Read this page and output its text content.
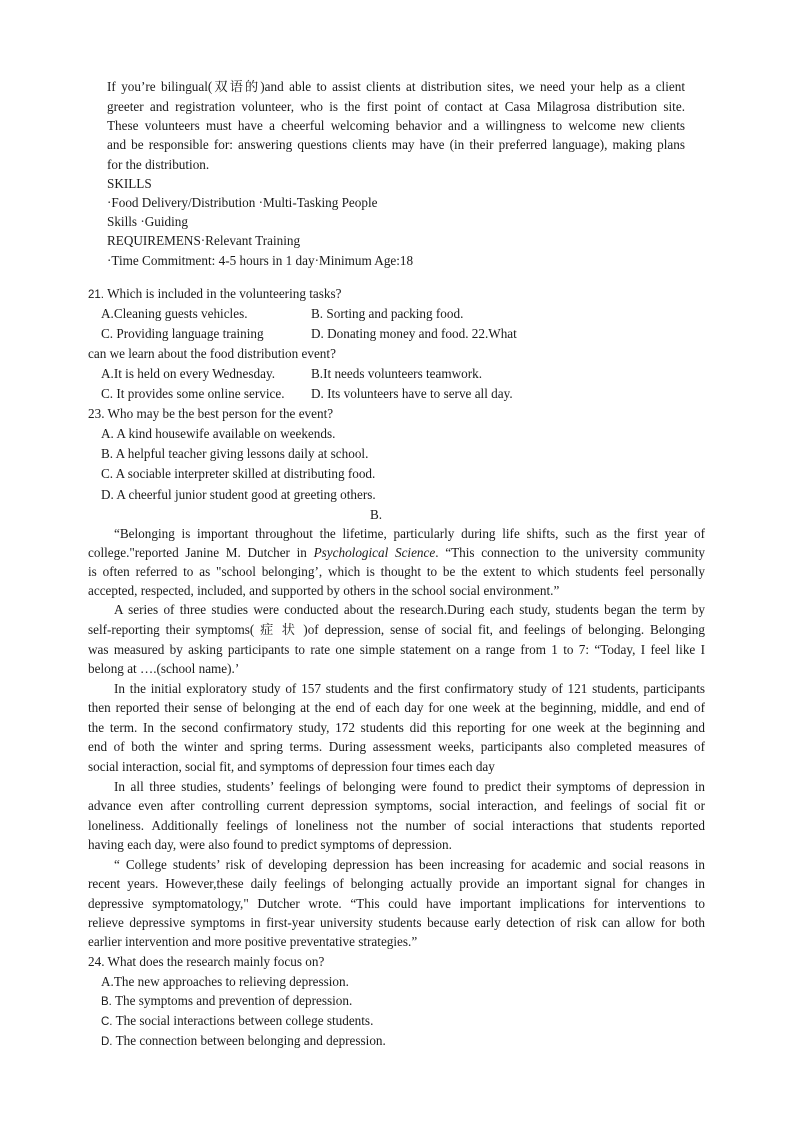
If you’re bilingual(双语的)and able to assist clients at distribution sites, we need your help as a client
greeter and registration volunteer, who is the first point of contact at Casa Milagrosa distribution site.
These volunteers must have a cheerful welcoming behavior and a willingness to welcome new clients
and be responsible for: answering questions clients may have (in their preferred language), making plans
for the distribution.
SKILLS
·Food Delivery/Distribution ·Multi-Tasking People
Skills ·Guiding
REQUIREMENS·Relevant Training
·Time Commitment: 4-5 hours in 1 day·Minimum Age:18
21. Which is included in the volunteering tasks?
A.Cleaning guests vehicles.	B. Sorting and packing food.
C. Providing language training	D. Donating money and food. 22.What
can we learn about the food distribution event?
A.It is held on every Wednesday.	B.It needs volunteers teamwork.
C. It provides some online service. D. Its volunteers have to serve all day.
23. Who may be the best person for the event?
A. A kind housewife available on weekends.
B. A helpful teacher giving lessons daily at school.
C. A sociable interpreter skilled at distributing food.
D. A cheerful junior student good at greeting others.
B.
“Belonging is important throughout the lifetime, particularly during life shifts, such as the first year of
college."reported Janine M. Dutcher in Psychological Science. “This connection to the university community
is often referred to as "school belonging’, which is thought to be the extent to which students feel personally
accepted, respected, included, and supported by others in the school social environment.”
A series of three studies were conducted about the research.During each study, students began the term by
self-reporting their symptoms( 症 状 )of depression, sense of social fit, and feelings of belonging. Belonging
was measured by asking participants to rate one simple statement on a range from 1 to 7: “Today, I feel like I
belong at ….(school name).’
In the initial exploratory study of 157 students and the first confirmatory study of 121 students, participants
then reported their sense of belonging at the end of each day for one week at the beginning, middle, and end of
the term. In the second confirmatory study, 172 students did this reporting for one week at the beginning and
end of both the winter and spring terms. During assessment weeks, participants also completed measures of
social interaction, social fit, and symptoms of depression four times each day
In all three studies, students’ feelings of belonging were found to predict their symptoms of depression in
advance even after controlling current depression symptoms, social interaction, and feelings of social fit or
loneliness. Additionally feelings of loneliness not the number of social interactions that students reported
having each day, were also found to predict symptoms of depression.
“ College students’ risk of developing depression has been increasing for academic and social reasons in
recent years. However,these daily feelings of belonging actually provide an important signal for changes in
depressive symptomatology," Dutcher wrote. “This could have important implications for interventions to
relieve depressive symptoms in first-year university students because early detection of risk can allow for both
earlier intervention and more positive preventative strategies.”
24. What does the research mainly focus on?
A.The new approaches to relieving depression.
B. The symptoms and prevention of depression.
C. The social interactions between college students.
D. The connection between belonging and depression.
